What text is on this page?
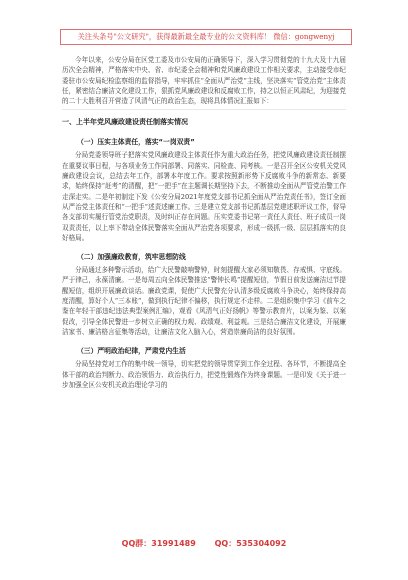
关注头条号"公文研究"，获得最新最全最专业的公文资料库！ 微信：gongwenyj

今年以来，公安分局在区党工委及市公安局的正确领导下，深入学习贯彻党的十九大及十九届历次全会精神，严格落实中央、省、市纪委全会精神和党风廉政建设工作相关要求，主动接受市纪委驻市公安局纪检监察组的监督指导，牢牢抓住“全面从严治党”主线，坚决落实“管党治党”主体责任，紧密结合廉洁文化建设工作，狠抓党风廉政建设和反腐败工作，持之以恒正风肃纪，为迎接党的二十大胜利召开营造了风清气正的政治生态，现将具体情况汇报如下：

一、上半年党风廉政建设责任制落实情况
（一）压实主体责任，落实“一岗双责”

分局党委领导班子把落实党风廉政建设主体责任作为重大政治任务，把党风廉政建设责任制摆在重要议事日程，与各项业务工作同部署、同落实、同检查、同考核。一是召开全区公安机关党风廉政建设会议，总结去年工作，部署本年度工作。要求按照新形势下反腐败斗争的新常态、新要求，始终保持“赶考”的清醒，把“一把手”在主题调长期坚持下去，不断推动全面从严管党治警工作走深走实。二是年初制定下发《公安分局2021年度党支部书记抓全面从严治党责任书》，签订全面从严治党主体责任和“一把手”述责述廉工作。三是建立党支部书记抓基层党建述职评议工作，督导各支部切实履行管党治党职责，及时纠正存在问题。压实党委书记第一责任人责任、班子成员一岗双责责任，以上率下带动全体民警落实全面从严治党各项要求，形成一级抓一级、层层抓落实的良好格局。

（二）加强廉政教育，筑牢思想防线

分局通过多种警示活动，给广大民警敲响警钟，时刻提醒大家必须知敬畏、存戒惧、守底线。严于律己，永葆清廉。一是每周五向全体民警推送“警钟长鸣”提醒短信，节假日前发送廉洁过节提醒短信，组织开展廉政谈话。廉政党课，促使广大民警充分认清多级反腐败斗争决心，始终保持高度清醒，算好个人“三本账”，做到执行纪律不偏移，执行规定不走样。二是组织集中学习《前车之鉴在年轻干部违纪违法典型案例汇编》，观看《风清气正好扬帆》等警示教育片，以案为鉴、以案促改，引导全体民警进一步树立正确的权力观、政绩观、利益观。三是结合廉洁文化建设，开展廉洁家书、廉洁格言征集等活动，让廉洁文化入脑入心，营造崇廉尚洁的良好氛围。

（三）严明政治纪律，严肃党内生活

分局坚持党对工作的集中统一领导，切实把党的领导贯穿到工作全过程、各环节，不断提高全体干部的政治判断力、政治领悟力、政治执行力，把党性锻炼作为终身课题。一是印发《关于进一步加强全区公安机关政治理论学习的

QQ群：31991489 QQ：535304092
